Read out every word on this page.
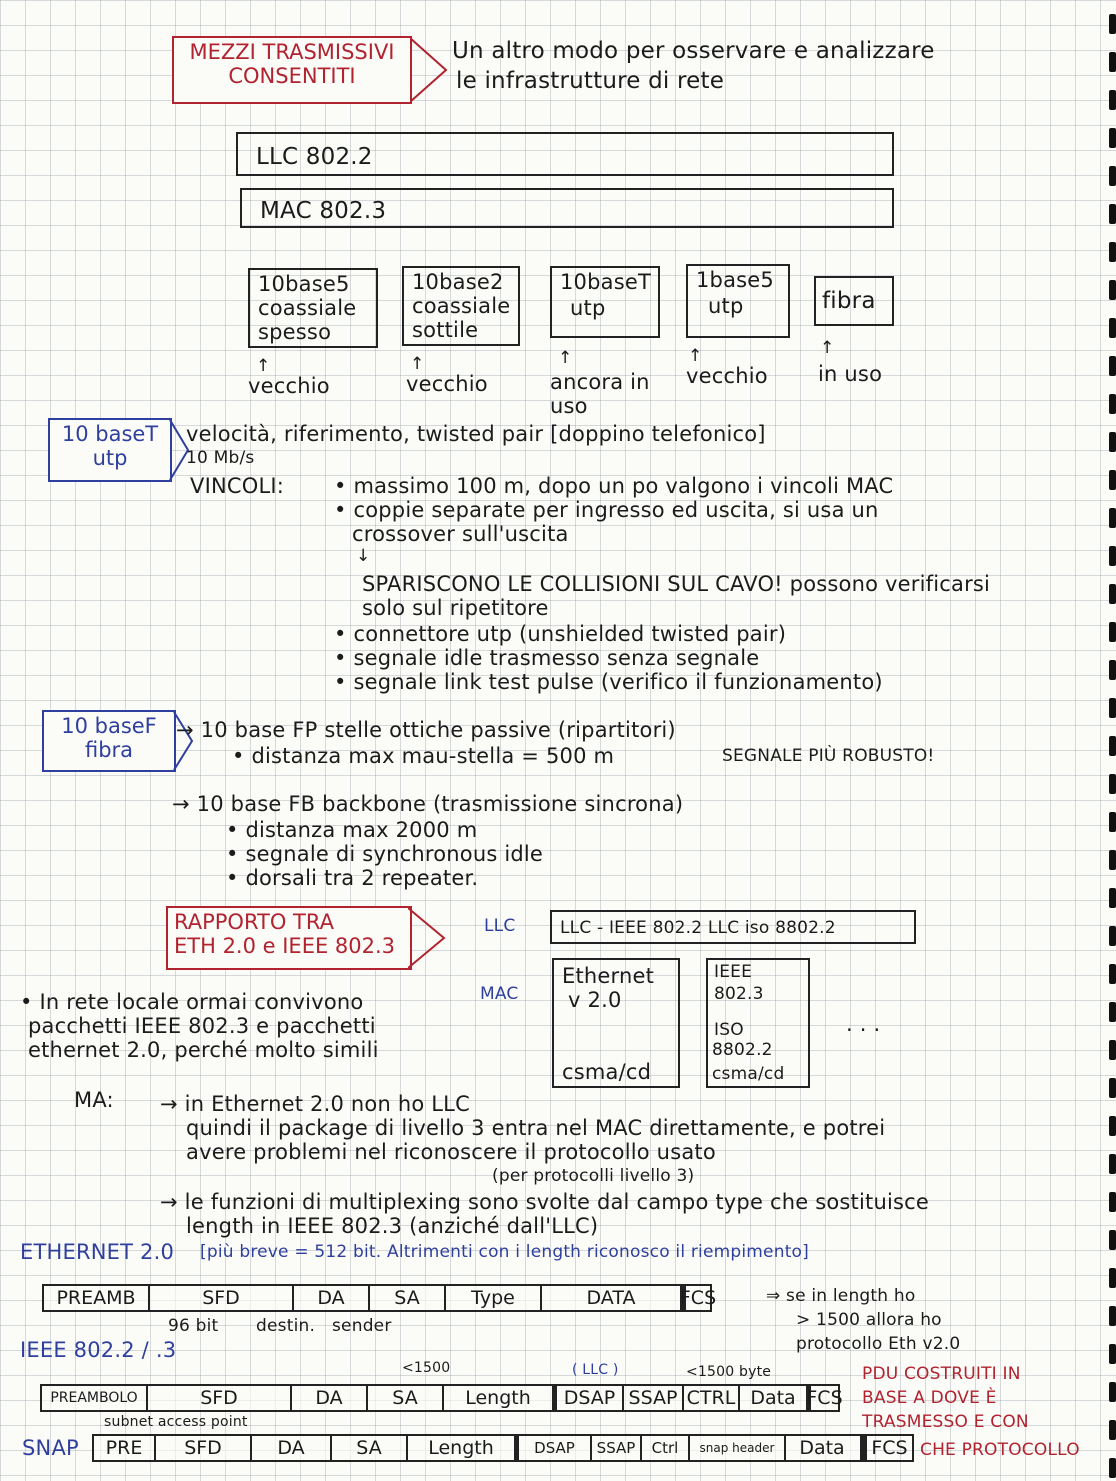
MEZZI TRASMISSIVI
CONSENTITI
Un altro modo per osservare e analizzare
le infrastrutture di rete
LLC 802.2
MAC 802.3
10base5
coassiale
spesso
10base2
coassiale
sottile
10baseT
utp
1base5
utp	fibra
↑	↑	↑	↑	↑
vecchio	vecchio	ancora in uso
vecchio in uso
10 baseT
utp
velocità, riferimento, twisted pair [doppino telefonico]
10 Mb/s
VINCOLI: • massimo 100 m, dopo un po valgono i vincoli MAC
• coppie separate per ingresso ed uscita, si usa un
crossover sull'uscita
↓
SPARISCONO LE COLLISIONI SUL CAVO! possono verificarsi
solo sul ripetitore
• connettore utp (unshielded twisted pair)
• segnale idle trasmesso senza segnale
• segnale link test pulse (verifico il funzionamento)
10 baseF
fibra
→ 10 base FP stelle ottiche passive (ripartitori)
• distanza max mau-stella = 500 m	SEGNALE PIÙ ROBUSTO!
→ 10 base FB backbone (trasmissione sincrona)
• distanza max 2000 m
• segnale di synchronous idle
• dorsali tra 2 repeater.
RAPPORTO TRA
ETH 2.0 e IEEE 802.3
LLC
MAC
LLC - IEEE 802.2 LLC iso 8802.2
Ethernet
v 2.0
csma/cd
IEEE
802.3
ISO
8802.2
csma/cd
. . .
• In rete locale ormai convivono
pacchetti IEEE 802.3 e pacchetti
ethernet 2.0, perché molto simili
MA: → in Ethernet 2.0 non ho LLC
quindi il package di livello 3 entra nel MAC direttamente, e potrei
avere problemi nel riconoscere il protocollo usato
(per protocolli livello 3)
→ le funzioni di multiplexing sono svolte dal campo type che sostituisce
length in IEEE 802.3 (anziché dall'LLC)
ETHERNET 2.0 [più breve = 512 bit. Altrimenti con i length riconosco il riempimento]
PREAMB	SFD	DA	SA	Type	DATA	FCS
96 bit destin. sender
⇒ se in length ho
> 1500 allora ho
protocollo Eth v2.0
IEEE 802.2 / .3
<1500	( LLC )	<1500 byte
PREAMBOLO	SFD	DA	SA	Length	DSAP SSAP CTRL Data FCS
subnet access point
SNAP	PRE	SFD	DA	SA	Length	DSAP	SSAP	Ctrl	snap header	Data	FCS
PDU COSTRUITI IN
BASE A DOVE È
TRASMESSO E CON
CHE PROTOCOLLO
